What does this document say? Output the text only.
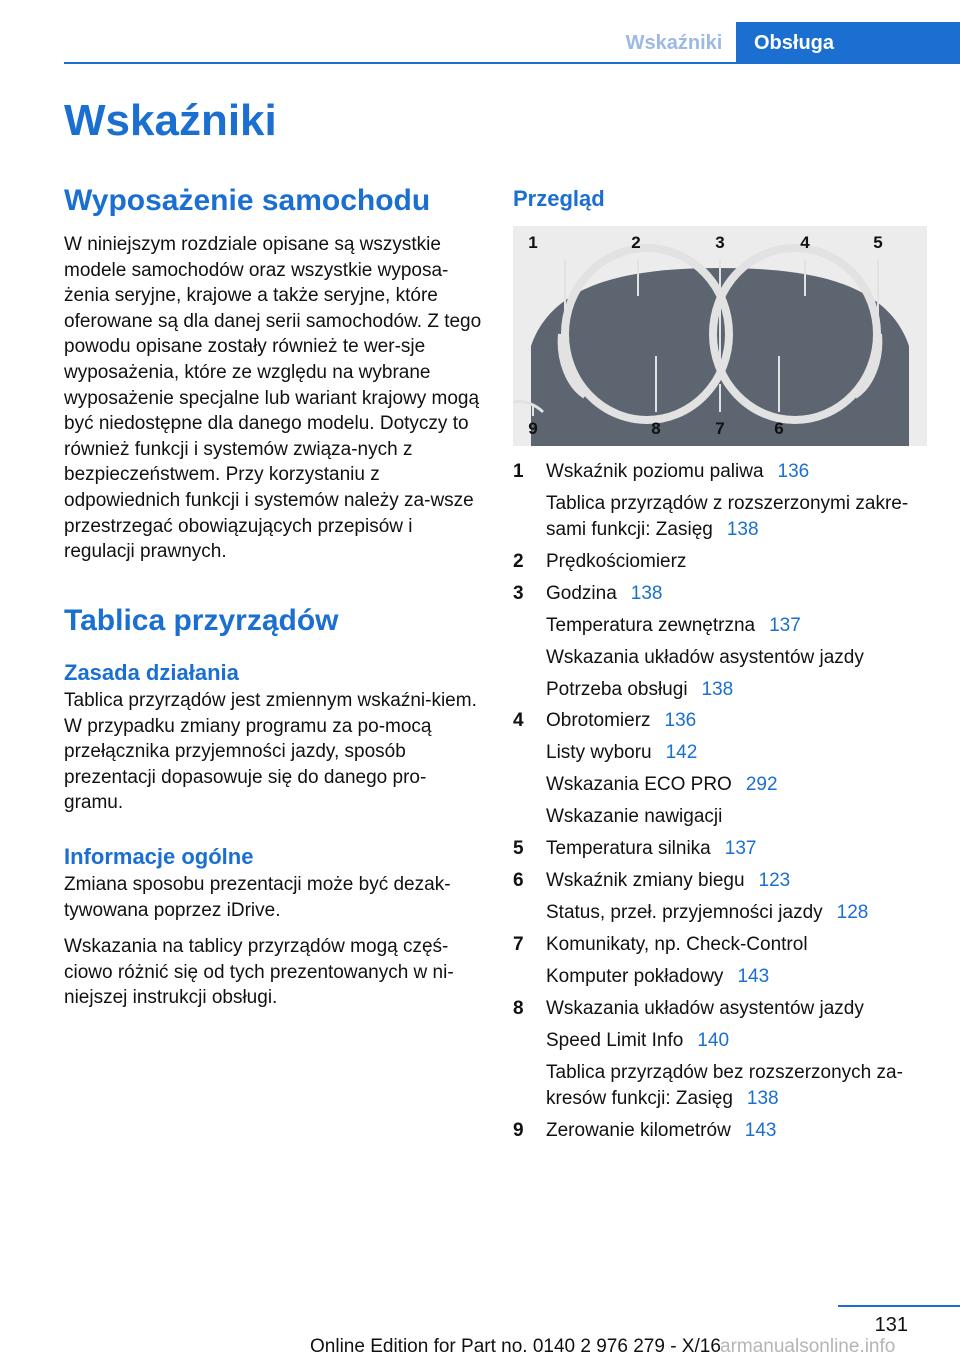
Wskaźniki	Obsługa
Wskaźniki
Wyposażenie samochodu

W niniejszym rozdziale opisane są wszystkie modele samochodów oraz wszystkie wyposa‐żenia seryjne, krajowe a także seryjne, które oferowane są dla danej serii samochodów. Z tego powodu opisane zostały również te wer‐sje wyposażenia, które ze względu na wybrane wyposażenie specjalne lub wariant krajowy mogą być niedostępne dla danego modelu. Dotyczy to również funkcji i systemów związa‐nych z bezpieczeństwem. Przy korzystaniu z odpowiednich funkcji i systemów należy za‐wsze przestrzegać obowiązujących przepisów i regulacji prawnych.

Tablica przyrządów
Zasada działania

Tablica przyrządów jest zmiennym wskaźni‐kiem. W przypadku zmiany programu za po‐mocą przełącznika przyjemności jazdy, sposób prezentacji dopasowuje się do danego pro‐gramu.

Informacje ogólne

Zmiana sposobu prezentacji może być dezak‐tywowana poprzez iDrive.

Wskazania na tablicy przyrządów mogą częś‐ciowo różnić się od tych prezentowanych w ni‐niejszej instrukcji obsługi.

Przegląd
1	2	3	4	5
9	8	7	6
1 Wskaźnik poziomu paliwa 136
Tablica przyrządów z rozszerzonymi zakre‐sami funkcji: Zasięg 138
2 Prędkościomierz
3 Godzina 138
Temperatura zewnętrzna 137
Wskazania układów asystentów jazdy
Potrzeba obsługi 138
4 Obrotomierz 136
Listy wyboru 142
Wskazania ECO PRO 292
Wskazanie nawigacji
5 Temperatura silnika 137
6 Wskaźnik zmiany biegu 123
Status, przeł. przyjemności jazdy 128
7 Komunikaty, np. Check-Control
Komputer pokładowy 143
8 Wskazania układów asystentów jazdy
Speed Limit Info 140
Tablica przyrządów bez rozszerzonych za‐kresów funkcji: Zasięg 138
9 Zerowanie kilometrów 143
131
Online Edition for Part no. 0140 2 976 279 - X/16 armanualsonline.info
